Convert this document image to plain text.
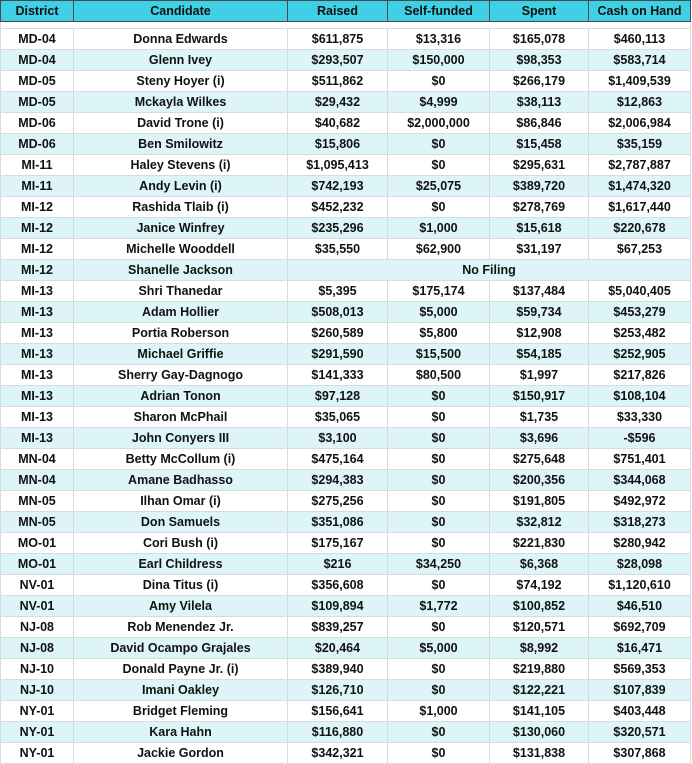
District	Candidate	Raised	Self-funded	Spent	Cash on Hand

MD-04	Donna Edwards	$611,875	$13,316	$165,078	$460,113
MD-04	Glenn Ivey	$293,507	$150,000	$98,353	$583,714
MD-05	Steny Hoyer (i)	$511,862	$0	$266,179	$1,409,539
MD-05	Mckayla Wilkes	$29,432	$4,999	$38,113	$12,863
MD-06	David Trone (i)	$40,682	$2,000,000	$86,846	$2,006,984
MD-06	Ben Smilowitz	$15,806	$0	$15,458	$35,159
MI-11	Haley Stevens (i)	$1,095,413	$0	$295,631	$2,787,887
MI-11	Andy Levin (i)	$742,193	$25,075	$389,720	$1,474,320
MI-12	Rashida Tlaib (i)	$452,232	$0	$278,769	$1,617,440
MI-12	Janice Winfrey	$235,296	$1,000	$15,618	$220,678
MI-12	Michelle Wooddell	$35,550	$62,900	$31,197	$67,253
MI-12	Shanelle Jackson	No Filing			
MI-13	Shri Thanedar	$5,395	$175,174	$137,484	$5,040,405
MI-13	Adam Hollier	$508,013	$5,000	$59,734	$453,279
MI-13	Portia Roberson	$260,589	$5,800	$12,908	$253,482
MI-13	Michael Griffie	$291,590	$15,500	$54,185	$252,905
MI-13	Sherry Gay-Dagnogo	$141,333	$80,500	$1,997	$217,826
MI-13	Adrian Tonon	$97,128	$0	$150,917	$108,104
MI-13	Sharon McPhail	$35,065	$0	$1,735	$33,330
MI-13	John Conyers III	$3,100	$0	$3,696	-$596
MN-04	Betty McCollum (i)	$475,164	$0	$275,648	$751,401
MN-04	Amane Badhasso	$294,383	$0	$200,356	$344,068
MN-05	Ilhan Omar (i)	$275,256	$0	$191,805	$492,972
MN-05	Don Samuels	$351,086	$0	$32,812	$318,273
MO-01	Cori Bush (i)	$175,167	$0	$221,830	$280,942
MO-01	Earl Childress	$216	$34,250	$6,368	$28,098
NV-01	Dina Titus (i)	$356,608	$0	$74,192	$1,120,610
NV-01	Amy Vilela	$109,894	$1,772	$100,852	$46,510
NJ-08	Rob Menendez Jr.	$839,257	$0	$120,571	$692,709
NJ-08	David Ocampo Grajales	$20,464	$5,000	$8,992	$16,471
NJ-10	Donald Payne Jr. (i)	$389,940	$0	$219,880	$569,353
NJ-10	Imani Oakley	$126,710	$0	$122,221	$107,839
NY-01	Bridget Fleming	$156,641	$1,000	$141,105	$403,448
NY-01	Kara Hahn	$116,880	$0	$130,060	$320,571
NY-01	Jackie Gordon	$342,321	$0	$131,838	$307,868
